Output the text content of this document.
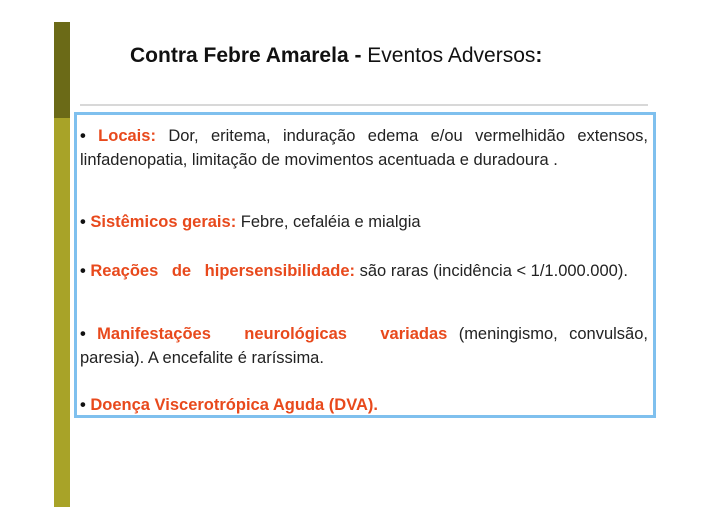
Contra Febre Amarela - Eventos Adversos:
• Locais: Dor, eritema, induração edema e/ou vermelhidão extensos, linfadenopatia, limitação de movimentos acentuada e duradoura .
• Sistêmicos gerais: Febre, cefaléia e mialgia
• Reações de hipersensibilidade: são raras (incidência < 1/1.000.000).
• Manifestações neurológicas variadas (meningismo, convulsão, paresia). A encefalite é raríssima.
• Doença Viscerotrópica Aguda (DVA).
